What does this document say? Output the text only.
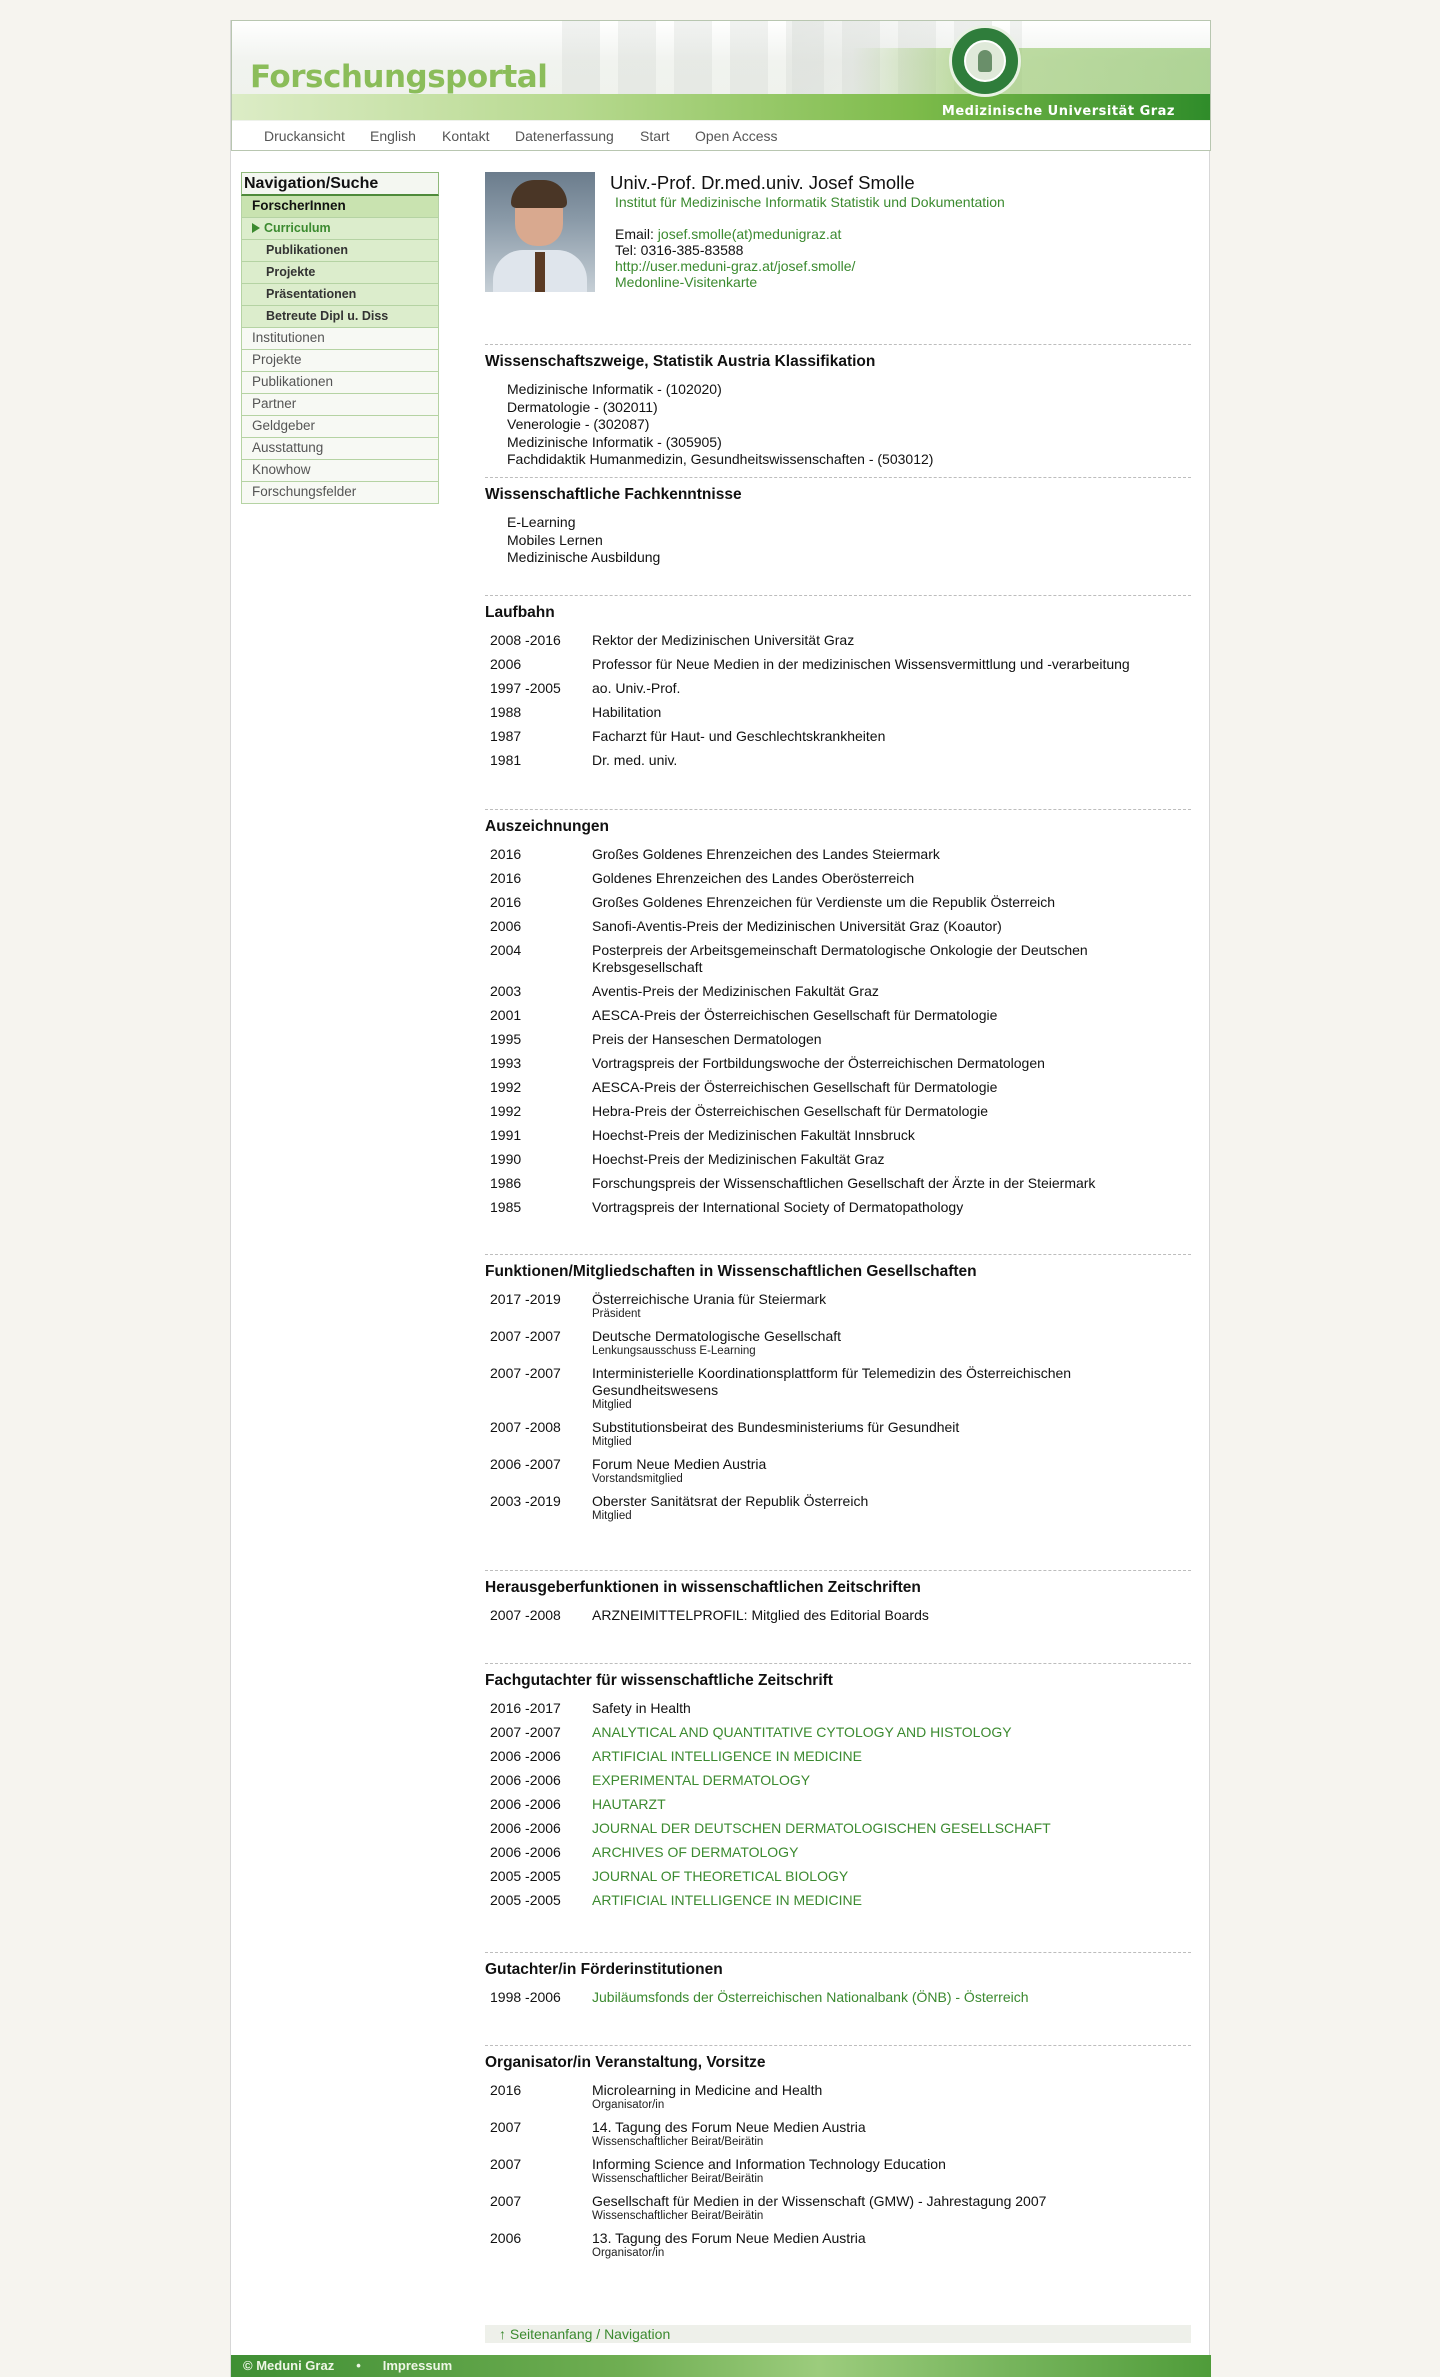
Forschungsportal
Medizinische Universität Graz
Druckansicht English Kontakt Datenerfassung Start Open Access
Navigation/Suche
ForscherInnen
Curriculum
Publikationen
Projekte
Präsentationen
Betreute Dipl u. Diss
Institutionen
Projekte
Publikationen
Partner
Geldgeber
Ausstattung
Knowhow
Forschungsfelder
Univ.-Prof. Dr.med.univ. Josef Smolle
Institut für Medizinische Informatik Statistik und Dokumentation
Email: josef.smolle(at)medunigraz.at
Tel: 0316-385-83588
http://user.meduni-graz.at/josef.smolle/
Medonline-Visitenkarte
Wissenschaftszweige, Statistik Austria Klassifikation
Medizinische Informatik - (102020)
Dermatologie - (302011)
Venerologie - (302087)
Medizinische Informatik - (305905)
Fachdidaktik Humanmedizin, Gesundheitswissenschaften - (503012)
Wissenschaftliche Fachkenntnisse
E-Learning
Mobiles Lernen
Medizinische Ausbildung
Laufbahn
2008 -2016	Rektor der Medizinischen Universität Graz

2006	Professor für Neue Medien in der medizinischen Wissensvermittlung und -verarbeitung

1997 -2005	ao. Univ.-Prof.

1988	Habilitation

1987	Facharzt für Haut- und Geschlechtskrankheiten

1981	Dr. med. univ.
Auszeichnungen
2016	Großes Goldenes Ehrenzeichen des Landes Steiermark

2016	Goldenes Ehrenzeichen des Landes Oberösterreich

2016	Großes Goldenes Ehrenzeichen für Verdienste um die Republik Österreich

2006	Sanofi-Aventis-Preis der Medizinischen Universität Graz (Koautor)

2004	Posterpreis der Arbeitsgemeinschaft Dermatologische Onkologie der Deutschen Krebsgesellschaft

2003	Aventis-Preis der Medizinischen Fakultät Graz

2001	AESCA-Preis der Österreichischen Gesellschaft für Dermatologie

1995	Preis der Hanseschen Dermatologen

1993	Vortragspreis der Fortbildungswoche der Österreichischen Dermatologen

1992	AESCA-Preis der Österreichischen Gesellschaft für Dermatologie

1992	Hebra-Preis der Österreichischen Gesellschaft für Dermatologie

1991	Hoechst-Preis der Medizinischen Fakultät Innsbruck

1990	Hoechst-Preis der Medizinischen Fakultät Graz

1986	Forschungspreis der Wissenschaftlichen Gesellschaft der Ärzte in der Steiermark

1985	Vortragspreis der International Society of Dermatopathology
Funktionen/Mitgliedschaften in Wissenschaftlichen Gesellschaften
2017 -2019	Österreichische Urania für Steiermark
Präsident

2007 -2007	Deutsche Dermatologische Gesellschaft
Lenkungsausschuss E-Learning

2007 -2007	Interministerielle Koordinationsplattform für Telemedizin des Österreichischen Gesundheitswesens
Mitglied

2007 -2008	Substitutionsbeirat des Bundesministeriums für Gesundheit
Mitglied

2006 -2007	Forum Neue Medien Austria
Vorstandsmitglied

2003 -2019	Oberster Sanitätsrat der Republik Österreich
Mitglied
Herausgeberfunktionen in wissenschaftlichen Zeitschriften
2007 -2008	ARZNEIMITTELPROFIL: Mitglied des Editorial Boards
Fachgutachter für wissenschaftliche Zeitschrift
2016 -2017	Safety in Health

2007 -2007	ANALYTICAL AND QUANTITATIVE CYTOLOGY AND HISTOLOGY
2006 -2006	ARTIFICIAL INTELLIGENCE IN MEDICINE
2006 -2006	EXPERIMENTAL DERMATOLOGY
2006 -2006	HAUTARZT
2006 -2006	JOURNAL DER DEUTSCHEN DERMATOLOGISCHEN GESELLSCHAFT
2006 -2006	ARCHIVES OF DERMATOLOGY
2005 -2005	JOURNAL OF THEORETICAL BIOLOGY
2005 -2005	ARTIFICIAL INTELLIGENCE IN MEDICINE
Gutachter/in Förderinstitutionen
1998 -2006	Jubiläumsfonds der Österreichischen Nationalbank (ÖNB) - Österreich
Organisator/in Veranstaltung, Vorsitze
2016	Microlearning in Medicine and Health
Organisator/in

2007	14. Tagung des Forum Neue Medien Austria
Wissenschaftlicher Beirat/Beirätin

2007	Informing Science and Information Technology Education
Wissenschaftlicher Beirat/Beirätin

2007	Gesellschaft für Medien in der Wissenschaft (GMW) - Jahrestagung 2007
Wissenschaftlicher Beirat/Beirätin

2006	13. Tagung des Forum Neue Medien Austria
Organisator/in
↑ Seitenanfang / Navigation
© Meduni Graz • Impressum
